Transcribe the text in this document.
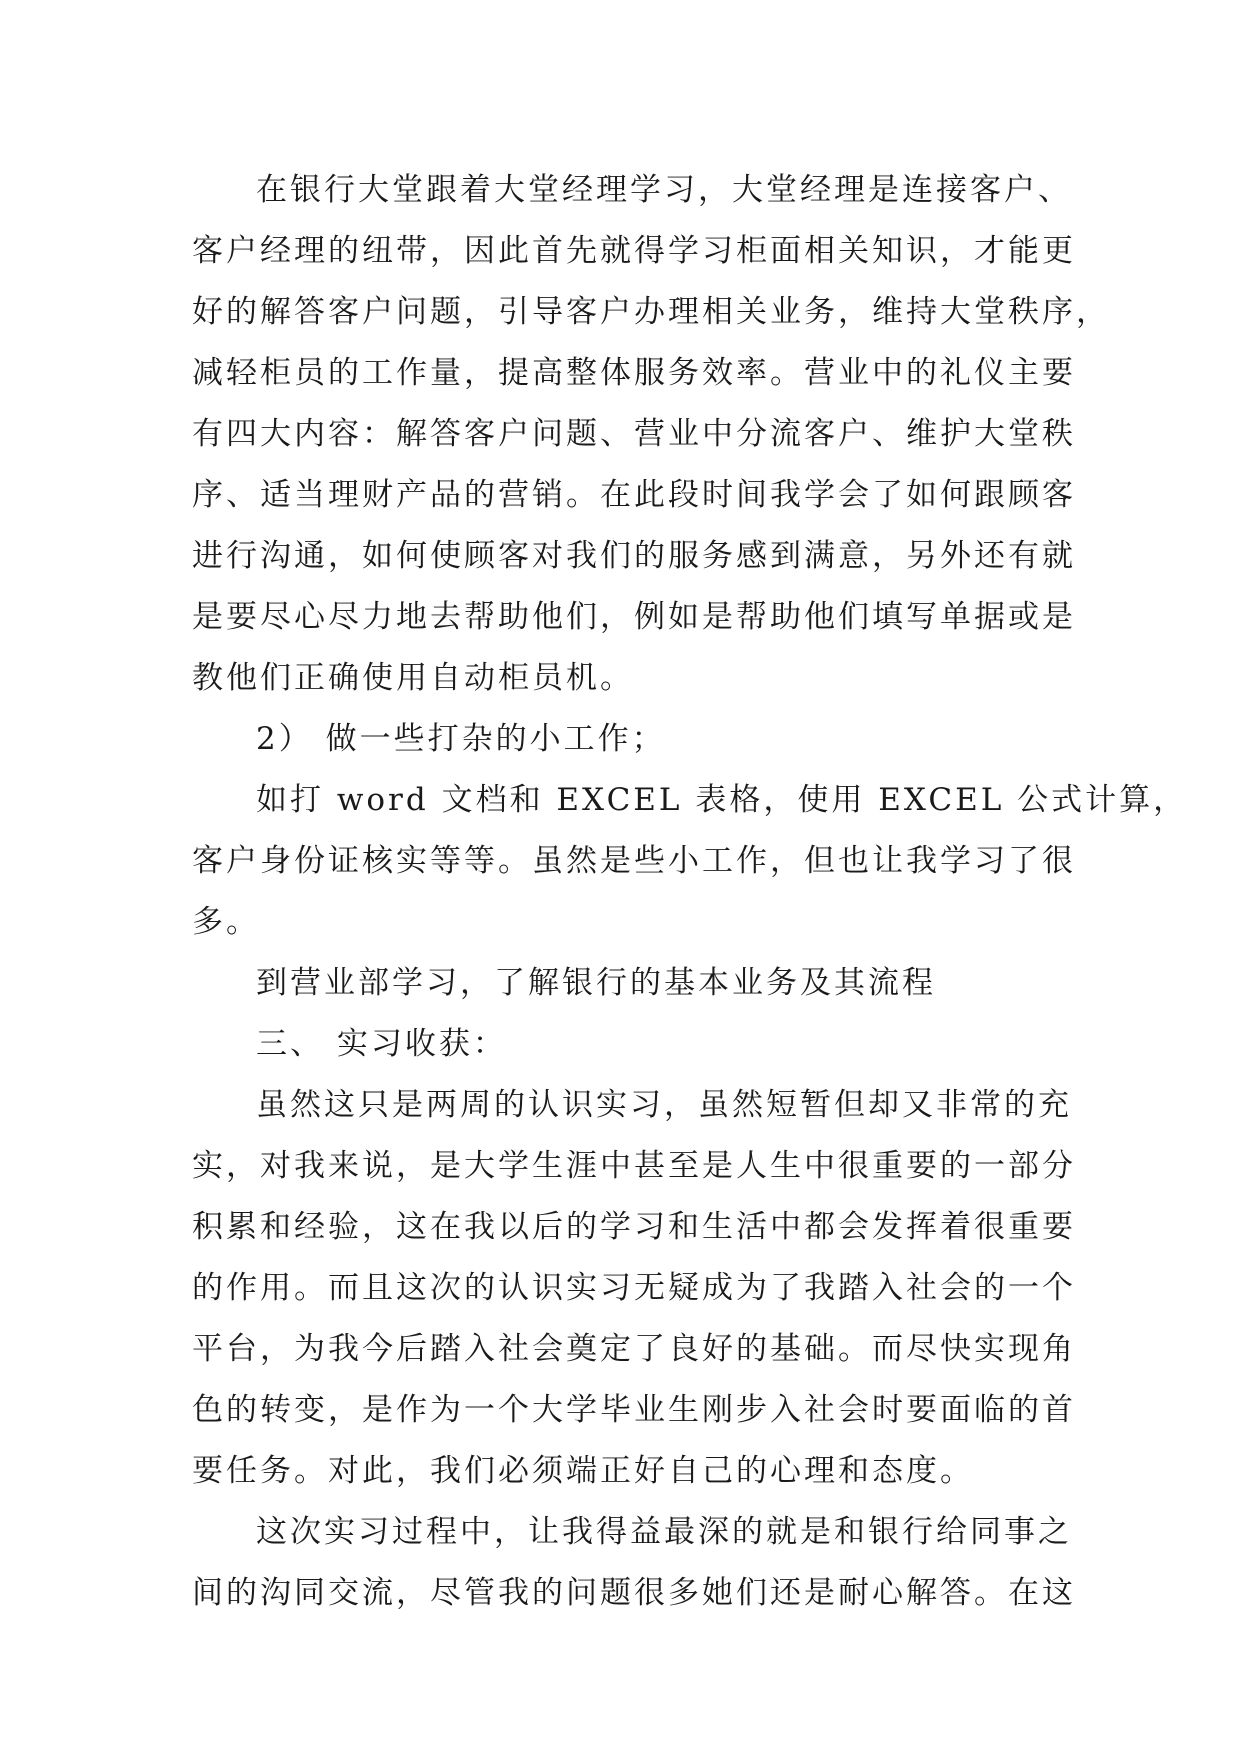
在银行大堂跟着大堂经理学习，大堂经理是连接客户、
客户经理的纽带，因此首先就得学习柜面相关知识，才能更
好的解答客户问题，引导客户办理相关业务，维持大堂秩序，
减轻柜员的工作量，提高整体服务效率。营业中的礼仪主要
有四大内容：解答客户问题、营业中分流客户、维护大堂秩
序、适当理财产品的营销。在此段时间我学会了如何跟顾客
进行沟通，如何使顾客对我们的服务感到满意，另外还有就
是要尽心尽力地去帮助他们，例如是帮助他们填写单据或是
教他们正确使用自动柜员机。
2） 做一些打杂的小工作；
如打 word 文档和 EXCEL 表格，使用 EXCEL 公式计算，
客户身份证核实等等。虽然是些小工作，但也让我学习了很
多。
到营业部学习，了解银行的基本业务及其流程
三、 实习收获：
虽然这只是两周的认识实习，虽然短暂但却又非常的充
实，对我来说，是大学生涯中甚至是人生中很重要的一部分
积累和经验，这在我以后的学习和生活中都会发挥着很重要
的作用。而且这次的认识实习无疑成为了我踏入社会的一个
平台，为我今后踏入社会奠定了良好的基础。而尽快实现角
色的转变，是作为一个大学毕业生刚步入社会时要面临的首
要任务。对此，我们必须端正好自己的心理和态度。
这次实习过程中，让我得益最深的就是和银行给同事之
间的沟同交流，尽管我的问题很多她们还是耐心解答。在这
